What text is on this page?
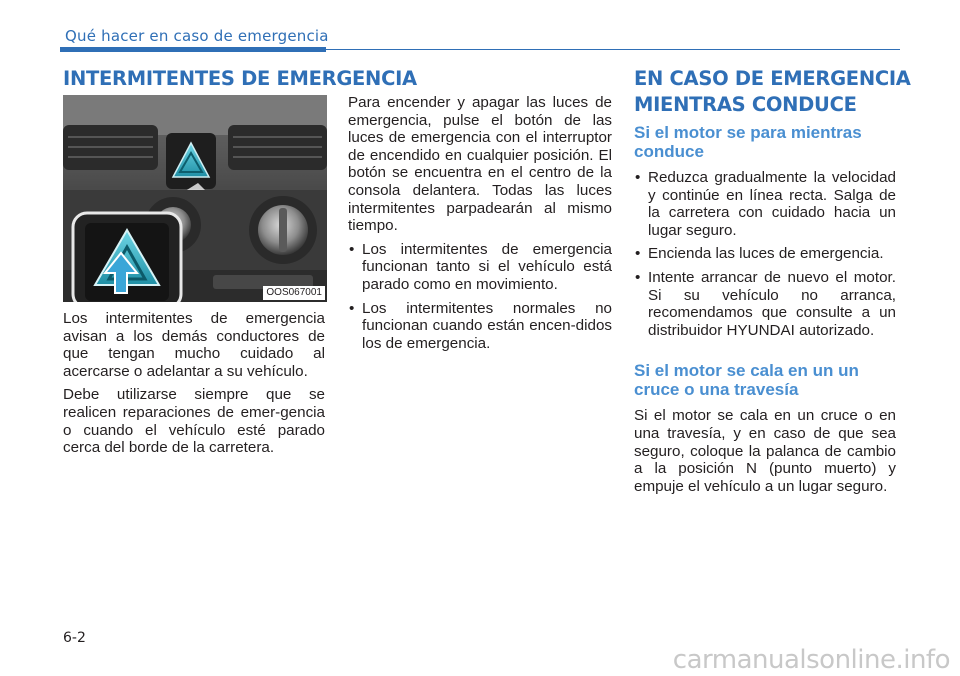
Qué hacer en caso de emergencia
INTERMITENTES DE EMERGENCIA
OOS067001

Los intermitentes de emergencia avisan a los demás conductores de que tengan mucho cuidado al acercarse o adelantar a su vehículo.

Debe utilizarse siempre que se realicen reparaciones de emer-gencia o cuando el vehículo esté parado cerca del borde de la carretera.

Para encender y apagar las luces de emergencia, pulse el botón de las luces de emergencia con el interruptor de encendido en cualquier posición. El botón se encuentra en el centro de la consola delantera. Todas las luces intermitentes parpadearán al mismo tiempo.

• Los intermitentes de emergencia funcionan tanto si el vehículo está parado como en movimiento.
• Los intermitentes normales no funcionan cuando están encen-didos los de emergencia.
EN CASO DE EMERGENCIA
MIENTRAS CONDUCE
Si el motor se para mientras
conduce
• Reduzca gradualmente la velocidad y continúe en línea recta. Salga de la carretera con cuidado hacia un lugar seguro.
• Encienda las luces de emergencia.
• Intente arrancar de nuevo el motor. Si su vehículo no arranca, recomendamos que consulte a un distribuidor HYUNDAI autorizado.
Si el motor se cala en un un
cruce o una travesía

Si el motor se cala en un cruce o en una travesía, y en caso de que sea seguro, coloque la palanca de cambio a la posición N (punto muerto) y empuje el vehículo a un lugar seguro.

6-2
carmanualsonline.info
